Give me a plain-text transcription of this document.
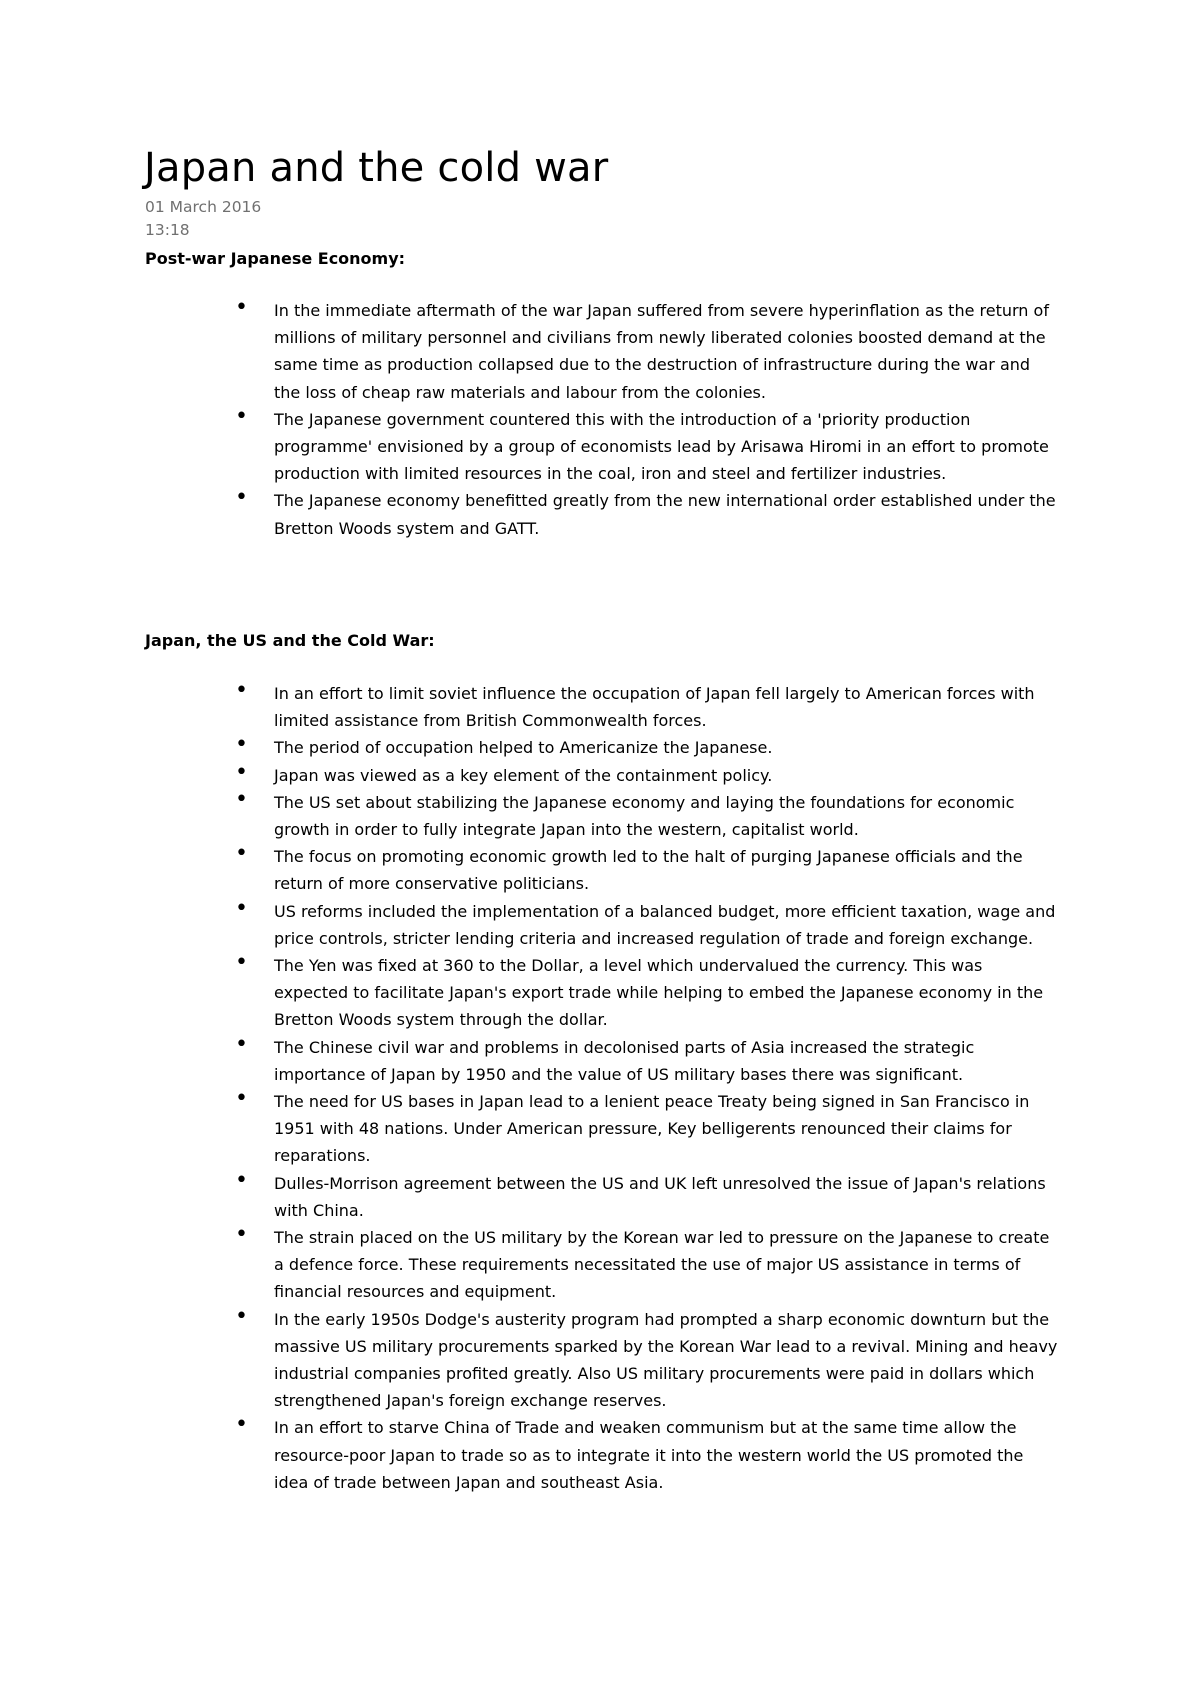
Japan and the cold war
01 March 2016
13:18
Post-war Japanese Economy:
• In the immediate aftermath of the war Japan suffered from severe hyperinflation as the return of millions of military personnel and civilians from newly liberated colonies boosted demand at the same time as production collapsed due to the destruction of infrastructure during the war and the loss of cheap raw materials and labour from the colonies.
• The Japanese government countered this with the introduction of a 'priority production programme' envisioned by a group of economists lead by Arisawa Hiromi in an effort to promote production with limited resources in the coal, iron and steel and fertilizer industries.
• The Japanese economy benefitted greatly from the new international order established under the Bretton Woods system and GATT.
Japan, the US and the Cold War:
• In an effort to limit soviet influence the occupation of Japan fell largely to American forces with limited assistance from British Commonwealth forces.
• The period of occupation helped to Americanize the Japanese.
• Japan was viewed as a key element of the containment policy.
• The US set about stabilizing the Japanese economy and laying the foundations for economic growth in order to fully integrate Japan into the western, capitalist world.
• The focus on promoting economic growth led to the halt of purging Japanese officials and the return of more conservative politicians.
• US reforms included the implementation of a balanced budget, more efficient taxation, wage and price controls, stricter lending criteria and increased regulation of trade and foreign exchange.
• The Yen was fixed at 360 to the Dollar, a level which undervalued the currency. This was expected to facilitate Japan's export trade while helping to embed the Japanese economy in the Bretton Woods system through the dollar.
• The Chinese civil war and problems in decolonised parts of Asia increased the strategic importance of Japan by 1950 and the value of US military bases there was significant.
• The need for US bases in Japan lead to a lenient peace Treaty being signed in San Francisco in 1951 with 48 nations. Under American pressure, Key belligerents renounced their claims for reparations.
• Dulles-Morrison agreement between the US and UK left unresolved the issue of Japan's relations with China.
• The strain placed on the US military by the Korean war led to pressure on the Japanese to create a defence force. These requirements necessitated the use of major US assistance in terms of financial resources and equipment.
• In the early 1950s Dodge's austerity program had prompted a sharp economic downturn but the massive US military procurements sparked by the Korean War lead to a revival. Mining and heavy industrial companies profited greatly. Also US military procurements were paid in dollars which strengthened Japan's foreign exchange reserves.
• In an effort to starve China of Trade and weaken communism but at the same time allow the resource-poor Japan to trade so as to integrate it into the western world the US promoted the idea of trade between Japan and southeast Asia.
